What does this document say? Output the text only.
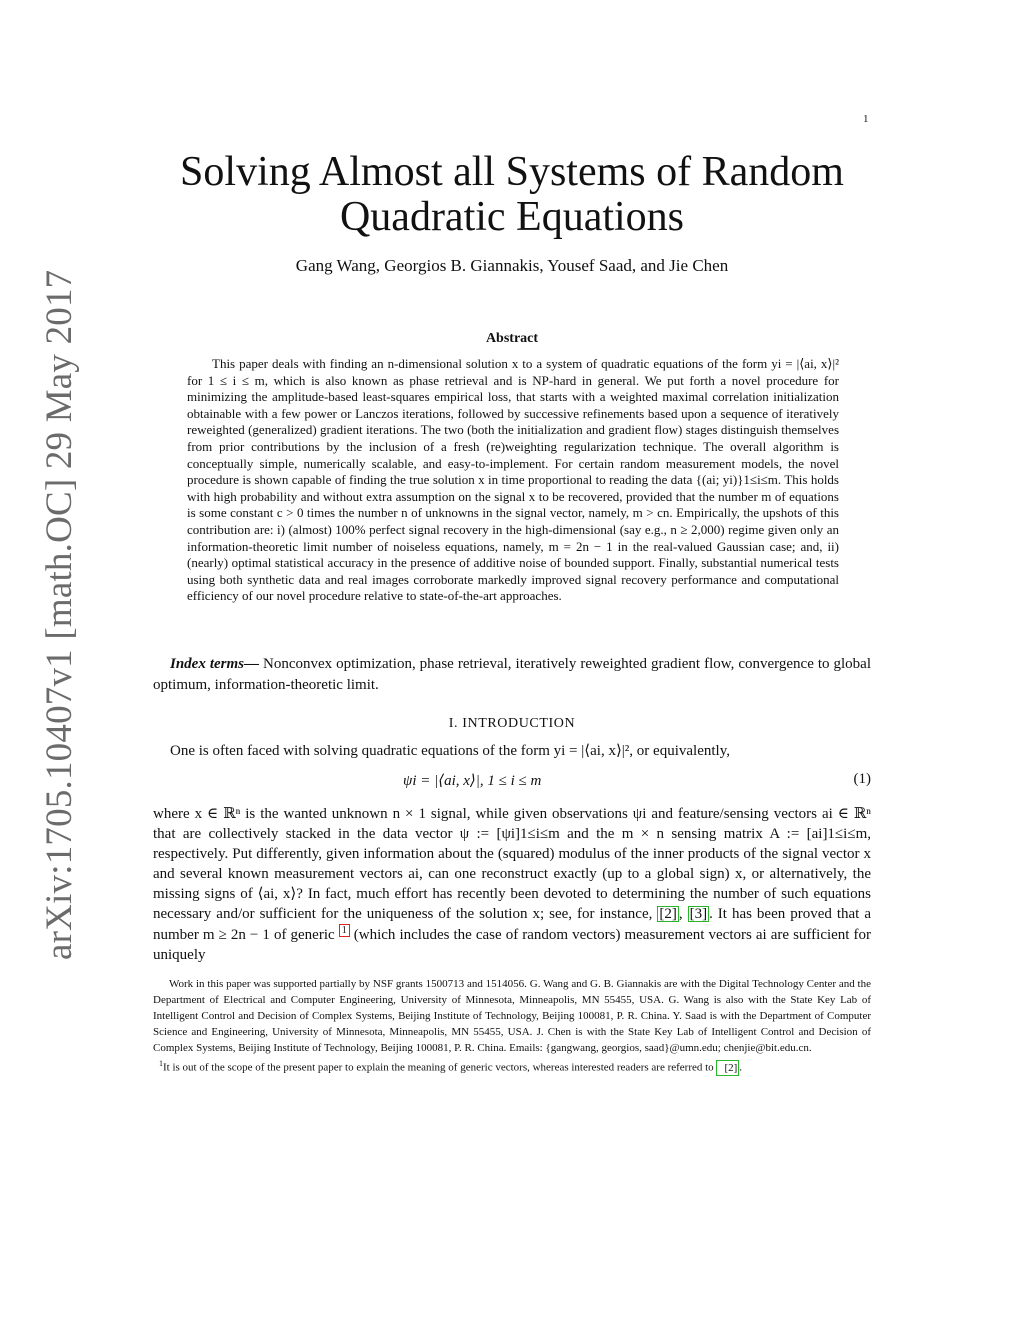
1
arXiv:1705.10407v1 [math.OC] 29 May 2017
Solving Almost all Systems of Random
Quadratic Equations
Gang Wang, Georgios B. Giannakis, Yousef Saad, and Jie Chen
Abstract
This paper deals with finding an n-dimensional solution x to a system of quadratic equations of the form yi = |⟨ai, x⟩|² for 1 ≤ i ≤ m, which is also known as phase retrieval and is NP-hard in general. We put forth a novel procedure for minimizing the amplitude-based least-squares empirical loss, that starts with a weighted maximal correlation initialization obtainable with a few power or Lanczos iterations, followed by successive refinements based upon a sequence of iteratively reweighted (generalized) gradient iterations. The two (both the initialization and gradient flow) stages distinguish themselves from prior contributions by the inclusion of a fresh (re)weighting regularization technique. The overall algorithm is conceptually simple, numerically scalable, and easy-to-implement. For certain random measurement models, the novel procedure is shown capable of finding the true solution x in time proportional to reading the data {(ai; yi)}1≤i≤m. This holds with high probability and without extra assumption on the signal x to be recovered, provided that the number m of equations is some constant c > 0 times the number n of unknowns in the signal vector, namely, m > cn. Empirically, the upshots of this contribution are: i) (almost) 100% perfect signal recovery in the high-dimensional (say e.g., n ≥ 2,000) regime given only an information-theoretic limit number of noiseless equations, namely, m = 2n − 1 in the real-valued Gaussian case; and, ii) (nearly) optimal statistical accuracy in the presence of additive noise of bounded support. Finally, substantial numerical tests using both synthetic data and real images corroborate markedly improved signal recovery performance and computational efficiency of our novel procedure relative to state-of-the-art approaches.
Index terms— Nonconvex optimization, phase retrieval, iteratively reweighted gradient flow, convergence to global optimum, information-theoretic limit.
I. INTRODUCTION
One is often faced with solving quadratic equations of the form yi = |⟨ai, x⟩|², or equivalently,
ψi = |⟨ai, x⟩|, 1 ≤ i ≤ m	(1)
where x ∈ ℝⁿ is the wanted unknown n × 1 signal, while given observations ψi and feature/sensing vectors ai ∈ ℝⁿ that are collectively stacked in the data vector ψ := [ψi]1≤i≤m and the m × n sensing matrix A := [ai]1≤i≤m, respectively. Put differently, given information about the (squared) modulus of the inner products of the signal vector x and several known measurement vectors ai, can one reconstruct exactly (up to a global sign) x, or alternatively, the missing signs of ⟨ai, x⟩? In fact, much effort has recently been devoted to determining the number of such equations necessary and/or sufficient for the uniqueness of the solution x; see, for instance, [2] , [3] . It has been proved that a number m ≥ 2n − 1 of generic 1 (which includes the case of random vectors) measurement vectors ai are sufficient for uniquely
Work in this paper was supported partially by NSF grants 1500713 and 1514056. G. Wang and G. B. Giannakis are with the Digital Technology Center and the Department of Electrical and Computer Engineering, University of Minnesota, Minneapolis, MN 55455, USA. G. Wang is also with the State Key Lab of Intelligent Control and Decision of Complex Systems, Beijing Institute of Technology, Beijing 100081, P. R. China. Y. Saad is with the Department of Computer Science and Engineering, University of Minnesota, Minneapolis, MN 55455, USA. J. Chen is with the State Key Lab of Intelligent Control and Decision of Complex Systems, Beijing Institute of Technology, Beijing 100081, P. R. China. Emails: {gangwang, georgios, saad}@umn.edu; chenjie@bit.edu.cn.
$^1$It is out of the scope of the present paper to explain the meaning of generic vectors, whereas interested readers are referred to [2] .
